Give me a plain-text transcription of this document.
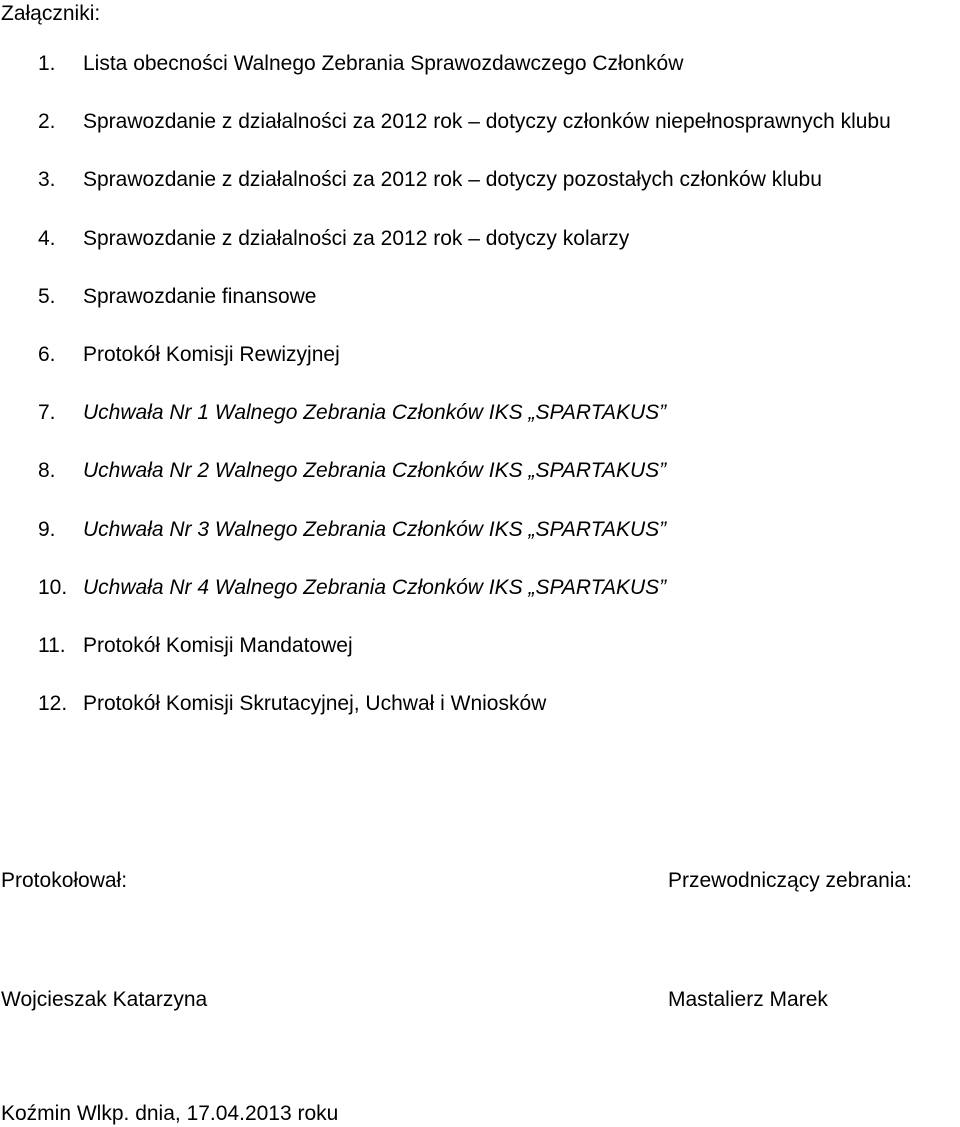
Załączniki:

1. Lista obecności Walnego Zebrania Sprawozdawczego Członków
2. Sprawozdanie z działalności za 2012 rok – dotyczy członków niepełnosprawnych klubu
3. Sprawozdanie z działalności za 2012 rok – dotyczy pozostałych członków klubu
4. Sprawozdanie z działalności za 2012 rok – dotyczy kolarzy
5. Sprawozdanie finansowe
6. Protokół Komisji Rewizyjnej
7. Uchwała Nr 1 Walnego Zebrania Członków IKS „SPARTAKUS”
8. Uchwała Nr 2 Walnego Zebrania Członków IKS „SPARTAKUS”
9. Uchwała Nr 3 Walnego Zebrania Członków IKS „SPARTAKUS”
10. Uchwała Nr 4 Walnego Zebrania Członków IKS „SPARTAKUS”
11. Protokół Komisji Mandatowej
12. Protokół Komisji Skrutacyjnej, Uchwał i Wniosków
Protokołował:	Przewodniczący zebrania:
Wojcieszak Katarzyna	Mastalierz Marek
Koźmin Wlkp. dnia, 17.04.2013 roku
